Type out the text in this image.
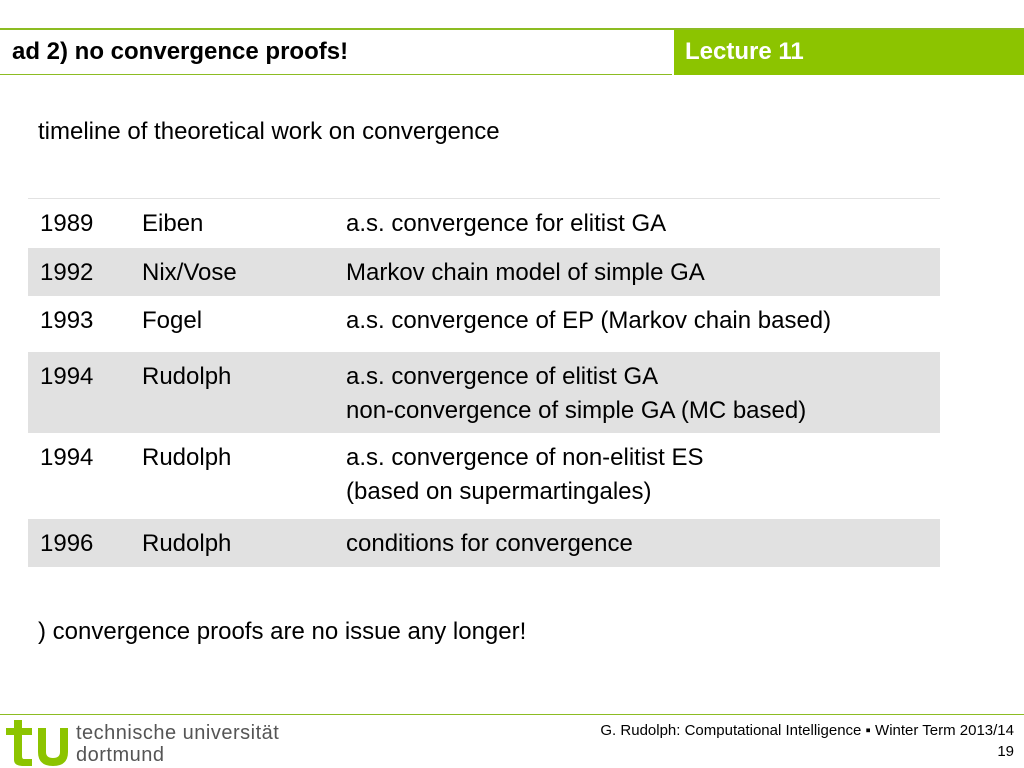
ad 2) no convergence proofs!	Lecture 11
timeline of theoretical work on convergence
1989 Eiben	a.s. convergence for elitist GA
1992 Nix/Vose	Markov chain model of simple GA
1993 Fogel	a.s. convergence of EP (Markov chain based)
1994 Rudolph	a.s. convergence of elitist GA
non-convergence of simple GA (MC based)
1994 Rudolph	a.s. convergence of non-elitist ES
(based on supermartingales)
1996 Rudolph	conditions for convergence
) convergence proofs are no issue any longer!
technische universität
dortmund
G. Rudolph: Computational Intelligence ▪ Winter Term 2013/14
19
